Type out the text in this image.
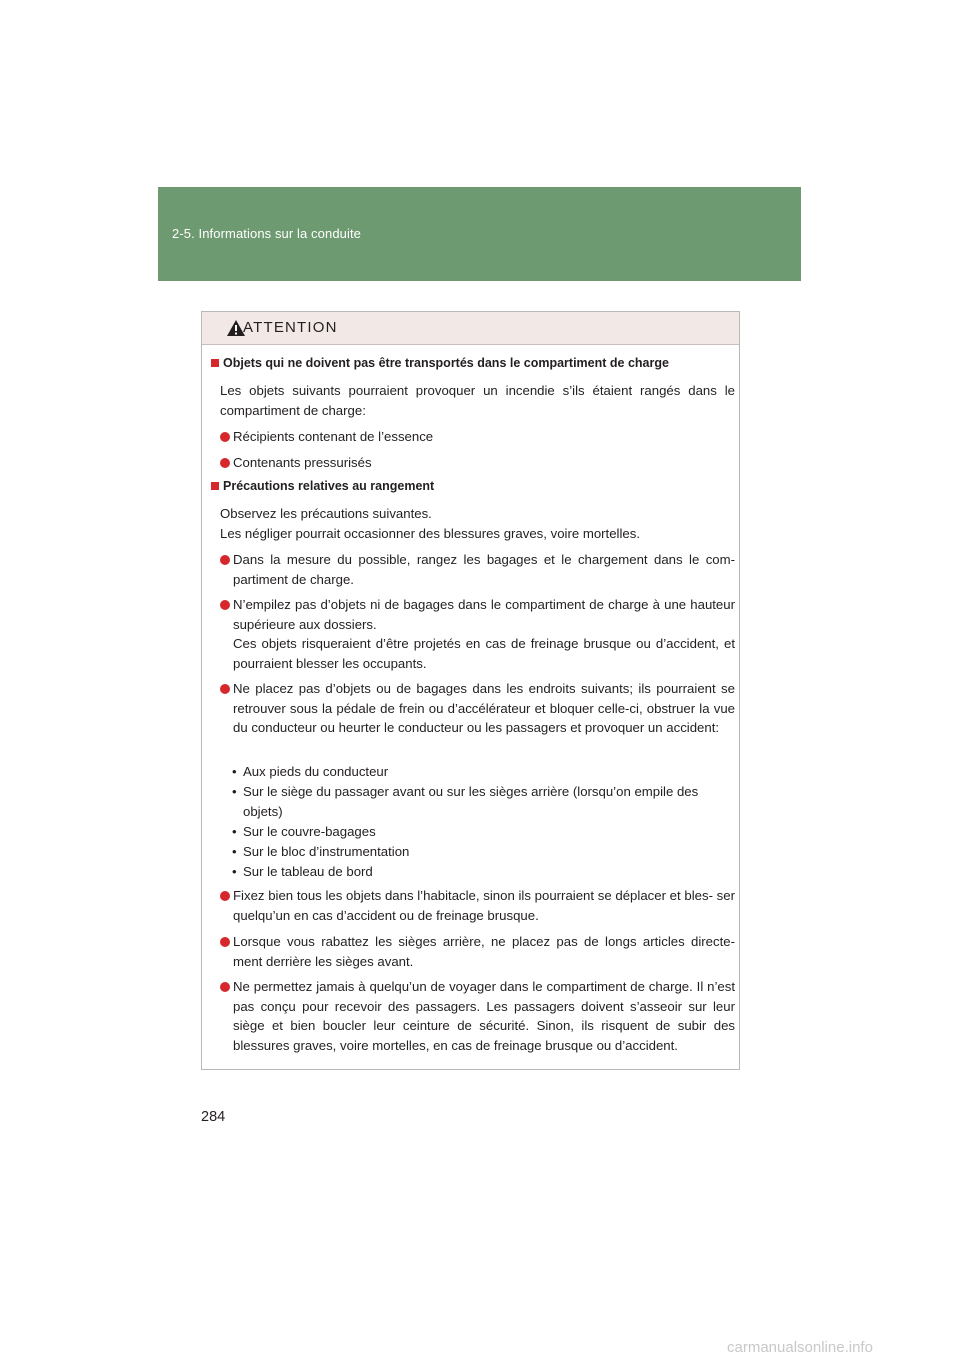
2-5. Informations sur la conduite
ATTENTION
Objets qui ne doivent pas être transportés dans le compartiment de charge
Les objets suivants pourraient provoquer un incendie s’ils étaient rangés dans le compartiment de charge:
Récipients contenant de l’essence
Contenants pressurisés
Précautions relatives au rangement
Observez les précautions suivantes.
Les négliger pourrait occasionner des blessures graves, voire mortelles.
Dans la mesure du possible, rangez les bagages et le chargement dans le com- partiment de charge.
N’empilez pas d’objets ni de bagages dans le compartiment de charge à une hauteur supérieure aux dossiers.
Ces objets risqueraient d’être projetés en cas de freinage brusque ou d’accident, et pourraient blesser les occupants.
Ne placez pas d’objets ou de bagages dans les endroits suivants; ils pourraient se retrouver sous la pédale de frein ou d’accélérateur et bloquer celle-ci, obstruer la vue du conducteur ou heurter le conducteur ou les passagers et provoquer un accident:
• Aux pieds du conducteur
• Sur le siège du passager avant ou sur les sièges arrière (lorsqu’on empile des objets)
• Sur le couvre-bagages
• Sur le bloc d’instrumentation
• Sur le tableau de bord
Fixez bien tous les objets dans l’habitacle, sinon ils pourraient se déplacer et bles- ser quelqu’un en cas d’accident ou de freinage brusque.
Lorsque vous rabattez les sièges arrière, ne placez pas de longs articles directe- ment derrière les sièges avant.
Ne permettez jamais à quelqu’un de voyager dans le compartiment de charge. Il n’est pas conçu pour recevoir des passagers. Les passagers doivent s’asseoir sur leur siège et bien boucler leur ceinture de sécurité. Sinon, ils risquent de subir des blessures graves, voire mortelles, en cas de freinage brusque ou d’accident.
284
carmanualsonline.info
